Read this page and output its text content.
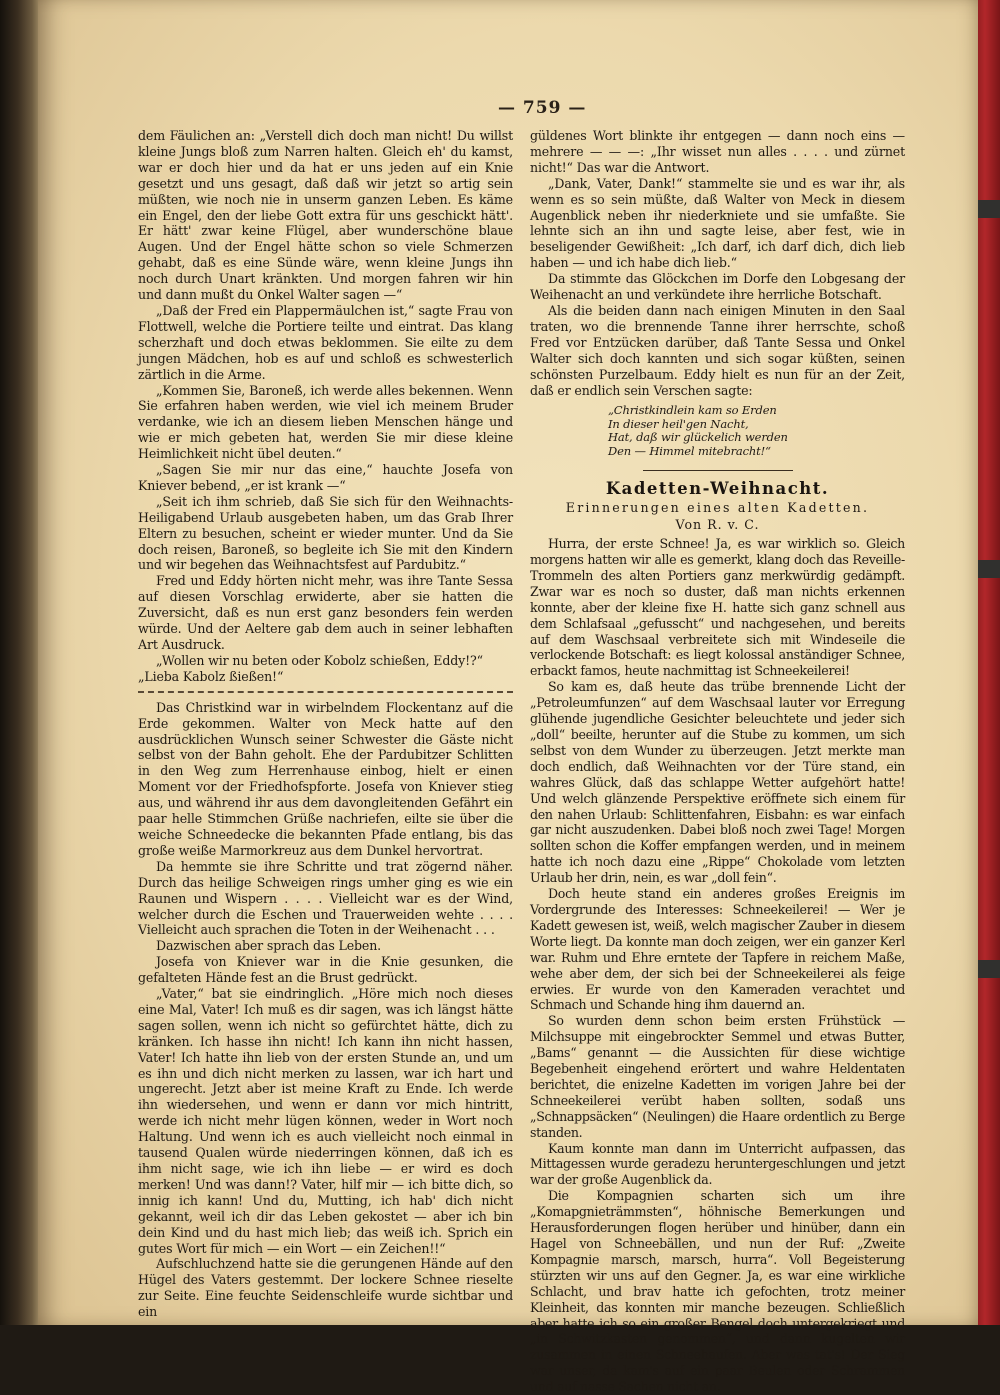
— 759 —

dem Fäulichen an: „Verstell dich doch man nicht! Du willst kleine Jungs bloß zum Narren halten. Gleich eh' du kamst, war er doch hier und da hat er uns jeden auf ein Knie gesetzt und uns gesagt, daß daß wir jetzt so artig sein müßten, wie noch nie in unserm ganzen Leben. Es käme ein Engel, den der liebe Gott extra für uns geschickt hätt'. Er hätt' zwar keine Flügel, aber wunderschöne blaue Augen. Und der Engel hätte schon so viele Schmerzen gehabt, daß es eine Sünde wäre, wenn kleine Jungs ihn noch durch Unart kränkten. Und morgen fahren wir hin und dann mußt du Onkel Walter sagen —“

„Daß der Fred ein Plappermäulchen ist,“ sagte Frau von Flottwell, welche die Portiere teilte und eintrat. Das klang scherzhaft und doch etwas beklommen. Sie eilte zu dem jungen Mädchen, hob es auf und schloß es schwesterlich zärtlich in die Arme.

„Kommen Sie, Baroneß, ich werde alles bekennen. Wenn Sie erfahren haben werden, wie viel ich meinem Bruder verdanke, wie ich an diesem lieben Menschen hänge und wie er mich gebeten hat, werden Sie mir diese kleine Heimlichkeit nicht übel deuten.“

„Sagen Sie mir nur das eine,“ hauchte Josefa von Kniever bebend, „er ist krank —“

„Seit ich ihm schrieb, daß Sie sich für den Weihnachts-Heiligabend Urlaub ausgebeten haben, um das Grab Ihrer Eltern zu besuchen, scheint er wieder munter. Und da Sie doch reisen, Baroneß, so begleite ich Sie mit den Kindern und wir begehen das Weihnachtsfest auf Pardubitz.“

Fred und Eddy hörten nicht mehr, was ihre Tante Sessa auf diesen Vorschlag erwiderte, aber sie hatten die Zuversicht, daß es nun erst ganz besonders fein werden würde. Und der Aeltere gab dem auch in seiner lebhaften Art Ausdruck.

„Wollen wir nu beten oder Kobolz schießen, Eddy!?“

„Lieba Kabolz ßießen!“

Das Christkind war in wirbelndem Flockentanz auf die Erde gekommen. Walter von Meck hatte auf den ausdrücklichen Wunsch seiner Schwester die Gäste nicht selbst von der Bahn geholt. Ehe der Pardubitzer Schlitten in den Weg zum Herrenhause einbog, hielt er einen Moment vor der Friedhofspforte. Josefa von Kniever stieg aus, und während ihr aus dem davongleitenden Gefährt ein paar helle Stimmchen Grüße nachriefen, eilte sie über die weiche Schneedecke die bekannten Pfade entlang, bis das große weiße Marmorkreuz aus dem Dunkel hervortrat.

Da hemmte sie ihre Schritte und trat zögernd näher. Durch das heilige Schweigen rings umher ging es wie ein Raunen und Wispern . . . . Vielleicht war es der Wind, welcher durch die Eschen und Trauerweiden wehte . . . . Vielleicht auch sprachen die Toten in der Weihenacht . . .

Dazwischen aber sprach das Leben.

Josefa von Kniever war in die Knie gesunken, die gefalteten Hände fest an die Brust gedrückt.

„Vater,“ bat sie eindringlich. „Höre mich noch dieses eine Mal, Vater! Ich muß es dir sagen, was ich längst hätte sagen sollen, wenn ich nicht so gefürchtet hätte, dich zu kränken. Ich hasse ihn nicht! Ich kann ihn nicht hassen, Vater! Ich hatte ihn lieb von der ersten Stunde an, und um es ihn und dich nicht merken zu lassen, war ich hart und ungerecht. Jetzt aber ist meine Kraft zu Ende. Ich werde ihn wiedersehen, und wenn er dann vor mich hintritt, werde ich nicht mehr lügen können, weder in Wort noch Haltung. Und wenn ich es auch vielleicht noch einmal in tausend Qualen würde niederringen können, daß ich es ihm nicht sage, wie ich ihn liebe — er wird es doch merken! Und was dann!? Vater, hilf mir — ich bitte dich, so innig ich kann! Und du, Mutting, ich hab' dich nicht gekannt, weil ich dir das Leben gekostet — aber ich bin dein Kind und du hast mich lieb; das weiß ich. Sprich ein gutes Wort für mich — ein Wort — ein Zeichen!!“

Aufschluchzend hatte sie die gerungenen Hände auf den Hügel des Vaters gestemmt. Der lockere Schnee rieselte zur Seite. Eine feuchte Seidenschleife wurde sichtbar und ein

güldenes Wort blinkte ihr entgegen — dann noch eins — mehrere — — —: „Ihr wisset nun alles . . . . und zürnet nicht!“ Das war die Antwort.

„Dank, Vater, Dank!“ stammelte sie und es war ihr, als wenn es so sein müßte, daß Walter von Meck in diesem Augenblick neben ihr niederkniete und sie umfaßte. Sie lehnte sich an ihn und sagte leise, aber fest, wie in beseligender Gewißheit: „Ich darf, ich darf dich, dich lieb haben — und ich habe dich lieb.“

Da stimmte das Glöckchen im Dorfe den Lobgesang der Weihenacht an und verkündete ihre herrliche Botschaft.

Als die beiden dann nach einigen Minuten in den Saal traten, wo die brennende Tanne ihrer herrschte, schoß Fred vor Entzücken darüber, daß Tante Sessa und Onkel Walter sich doch kannten und sich sogar küßten, seinen schönsten Purzelbaum. Eddy hielt es nun für an der Zeit, daß er endlich sein Verschen sagte:

„Christkindlein kam so Erden
In dieser heil'gen Nacht,
Hat, daß wir glückelich werden
Den — Himmel mitebracht!“
Kadetten-Weihnacht.
Erinnerungen eines alten Kadetten.
Von R. v. C.

Hurra, der erste Schnee! Ja, es war wirklich so. Gleich morgens hatten wir alle es gemerkt, klang doch das Reveille-Trommeln des alten Portiers ganz merkwürdig gedämpft. Zwar war es noch so duster, daß man nichts erkennen konnte, aber der kleine fixe H. hatte sich ganz schnell aus dem Schlafsaal „gefusscht“ und nachgesehen, und bereits auf dem Waschsaal verbreitete sich mit Windeseile die verlockende Botschaft: es liegt kolossal anständiger Schnee, erbackt famos, heute nachmittag ist Schneekeilerei!

So kam es, daß heute das trübe brennende Licht der „Petroleumfunzen“ auf dem Waschsaal lauter vor Erregung glühende jugendliche Gesichter beleuchtete und jeder sich „doll“ beeilte, herunter auf die Stube zu kommen, um sich selbst von dem Wunder zu überzeugen. Jetzt merkte man doch endlich, daß Weihnachten vor der Türe stand, ein wahres Glück, daß das schlappe Wetter aufgehört hatte! Und welch glänzende Perspektive eröffnete sich einem für den nahen Urlaub: Schlittenfahren, Eisbahn: es war einfach gar nicht auszudenken. Dabei bloß noch zwei Tage! Morgen sollten schon die Koffer empfangen werden, und in meinem hatte ich noch dazu eine „Rippe“ Chokolade vom letzten Urlaub her drin, nein, es war „doll fein“.

Doch heute stand ein anderes großes Ereignis im Vordergrunde des Interesses: Schneekeilerei! — Wer je Kadett gewesen ist, weiß, welch magischer Zauber in diesem Worte liegt. Da konnte man doch zeigen, wer ein ganzer Kerl war. Ruhm und Ehre erntete der Tapfere in reichem Maße, wehe aber dem, der sich bei der Schneekeilerei als feige erwies. Er wurde von den Kameraden verachtet und Schmach und Schande hing ihm dauernd an.

So wurden denn schon beim ersten Frühstück — Milchsuppe mit eingebrockter Semmel und etwas Butter, „Bams“ genannt — die Aussichten für diese wichtige Begebenheit eingehend erörtert und wahre Heldentaten berichtet, die enizelne Kadetten im vorigen Jahre bei der Schneekeilerei verübt haben sollten, sodaß uns „Schnappsäcken“ (Neulingen) die Haare ordentlich zu Berge standen.

Kaum konnte man dann im Unterricht aufpassen, das Mittagessen wurde geradezu heruntergeschlungen und jetzt war der große Augenblick da.

Die Kompagnien scharten sich um ihre „Komapgnieträmmsten“, höhnische Bemerkungen und Herausforderungen flogen herüber und hinüber, dann ein Hagel von Schneebällen, und nun der Ruf: „Zweite Kompagnie marsch, marsch, hurra“. Voll Begeisterung stürzten wir uns auf den Gegner. Ja, es war eine wirkliche Schlacht, und brav hatte ich gefochten, trotz meiner Kleinheit, das konnten mir manche bezeugen. Schließlich aber hatte ich so ein großer Bengel doch untergekriegt und „in Schwitzkasten genommen“, und dann kugelten wir zusammen in einen Schneehaufen. Aber was tat's! Der Sieg war unser, da kam's auf ein paar Beulen oder Schrammen und auf nasse Sachen nicht an.
